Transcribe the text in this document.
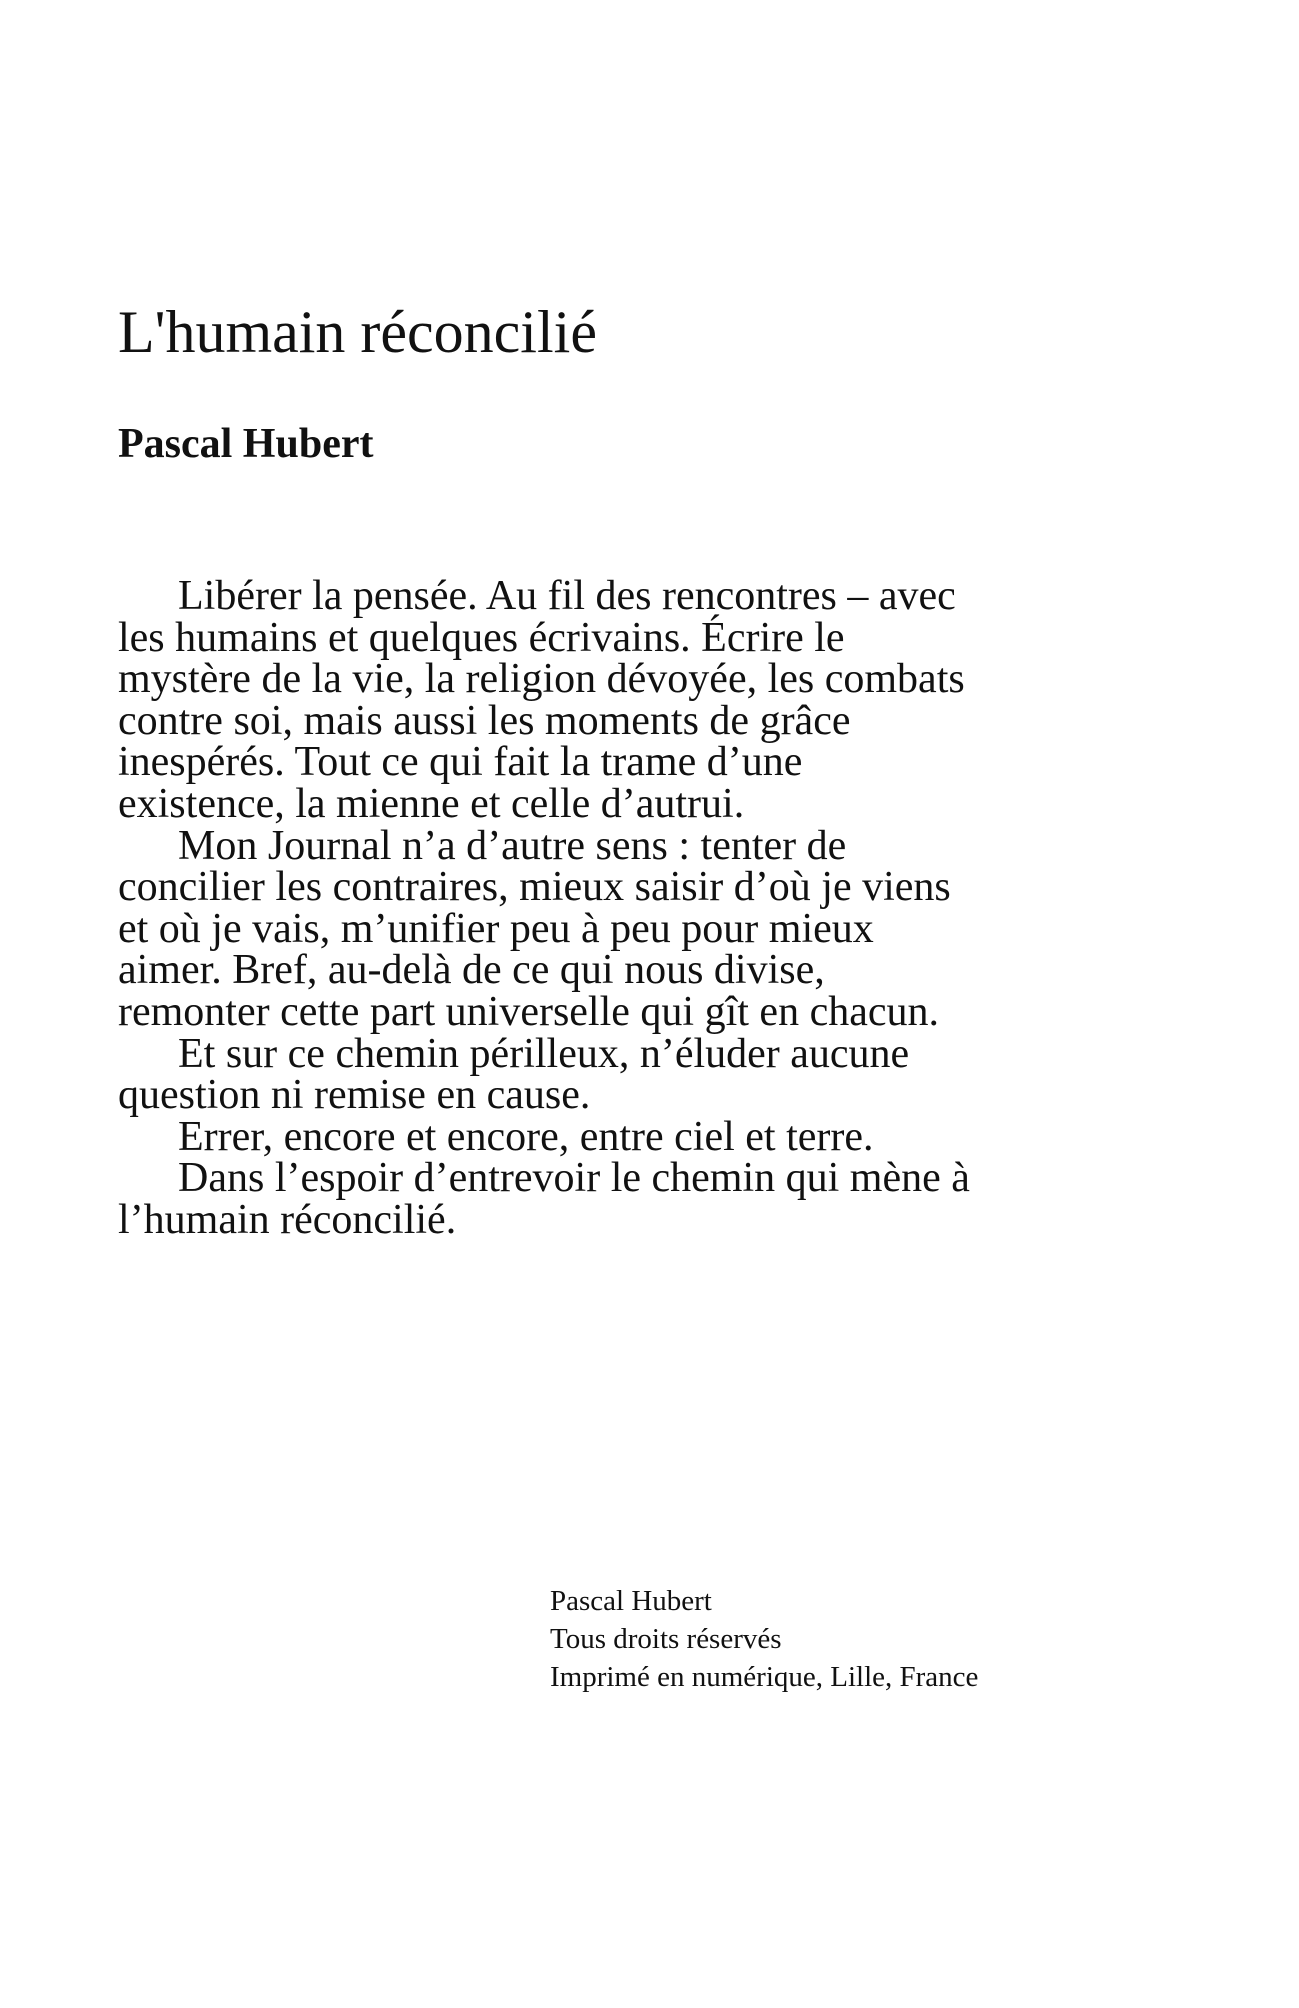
L'humain réconcilié
Pascal Hubert

Libérer la pensée. Au fil des rencontres – avec les humains et quelques écrivains. Écrire le mystère de la vie, la religion dévoyée, les combats contre soi, mais aussi les moments de grâce inespérés. Tout ce qui fait la trame d’une existence, la mienne et celle d’autrui.

Mon Journal n’a d’autre sens : tenter de concilier les contraires, mieux saisir d’où je viens et où je vais, m’unifier peu à peu pour mieux aimer. Bref, au-delà de ce qui nous divise, remonter cette part universelle qui gît en chacun.

Et sur ce chemin périlleux, n’éluder aucune question ni remise en cause.

Errer, encore et encore, entre ciel et terre.

Dans l’espoir d’entrevoir le chemin qui mène à l’humain réconcilié.

Pascal Hubert
Tous droits réservés
Imprimé en numérique, Lille, France
